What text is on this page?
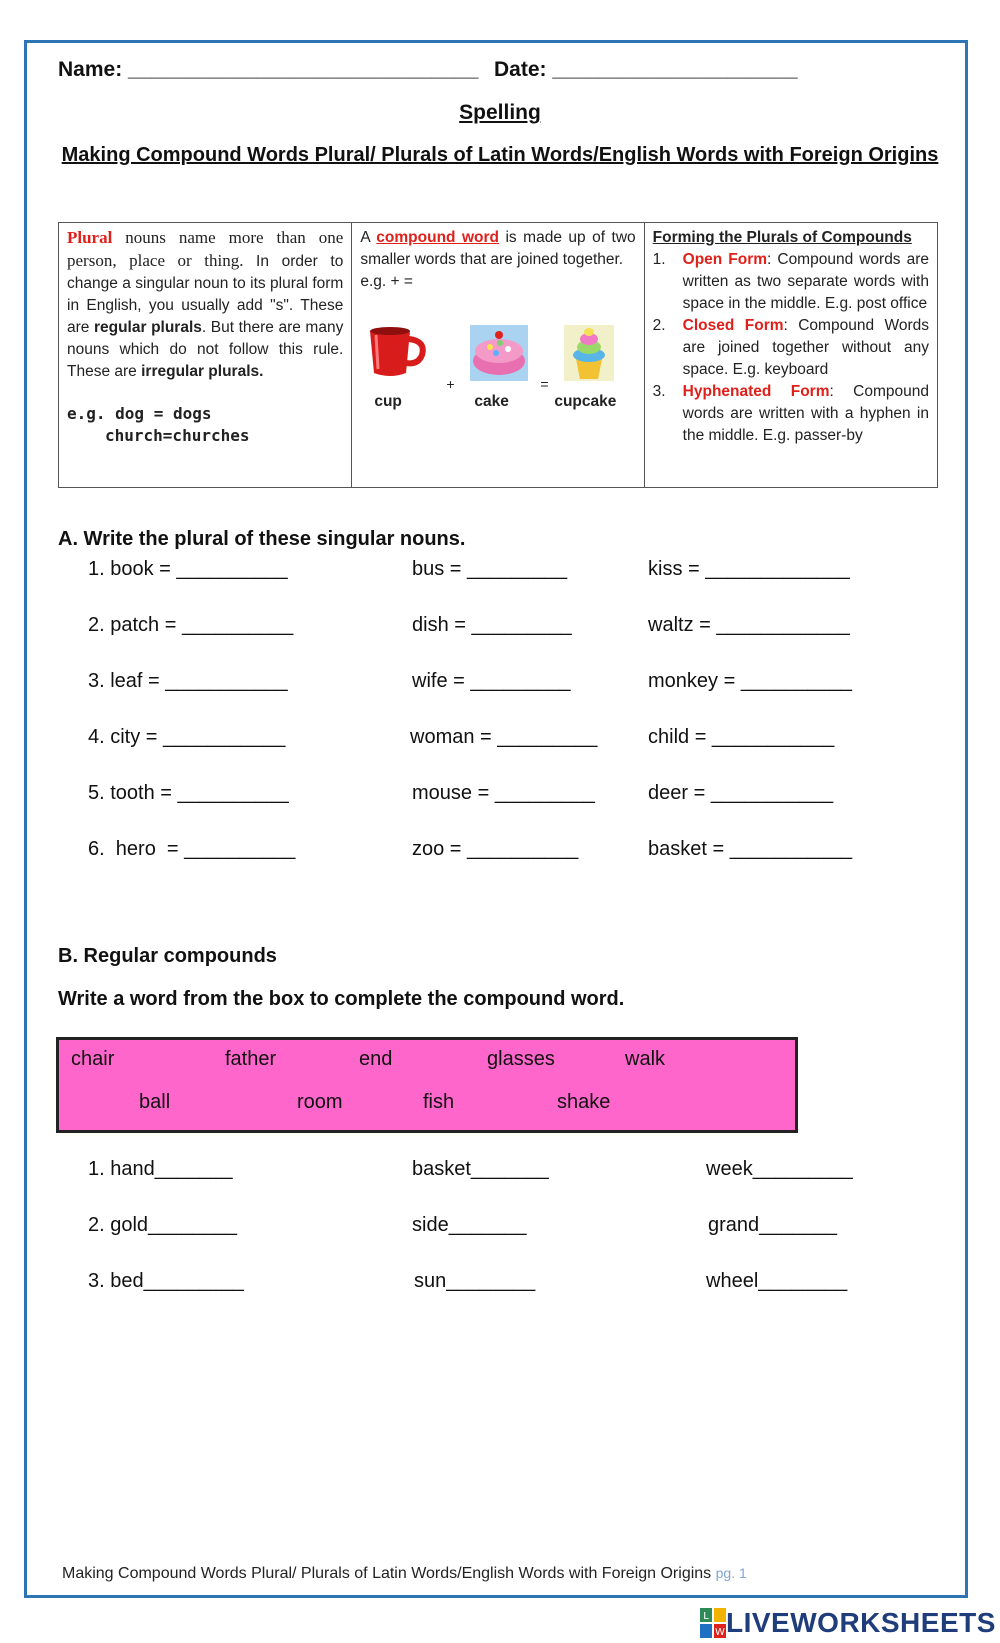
Name: ______________________________ Date: _____________________
Spelling
Making Compound Words Plural/ Plurals of Latin Words/English Words with Foreign Origins
Plural nouns name more than one person, place or thing. In order to change a singular noun to its plural form in English, you usually add "s". These are regular plurals. But there are many nouns which do not follow this rule. These are irregular plurals.
e.g. dog = dogs
church=churches
A compound word is made up of two smaller words that are joined together.
e.g. + =
+	=
cup	cake	cupcake
Forming the Plurals of Compounds
1.	Open Form: Compound words are written as two separate words with space in the middle. E.g. post office
2.	Closed Form: Compound Words are joined together without any space. E.g. keyboard
3.	Hyphenated Form: Compound words are written with a hyphen in the middle. E.g. passer-by
A. Write the plural of these singular nouns.
1. book = __________	bus = _________	kiss = _____________
2. patch = __________	dish = _________	waltz = ____________
3. leaf = ___________	wife = _________	monkey = __________
4. city = ___________	woman = _________	child = ___________
5. tooth = __________	mouse = _________	deer = ___________
6.  hero  = __________	zoo = __________	basket = ___________
B. Regular compounds
Write a word from the box to complete the compound word.
chair	father	end	glasses	walk
ball	room	fish	shake
1. hand_______	basket_______	week_________
2. gold________	side_______	grand_______
3. bed_________	sun________	wheel________
Making Compound Words Plural/ Plurals of Latin Words/English Words with Foreign Origins pg. 1
L
W LIVEWORKSHEETS
